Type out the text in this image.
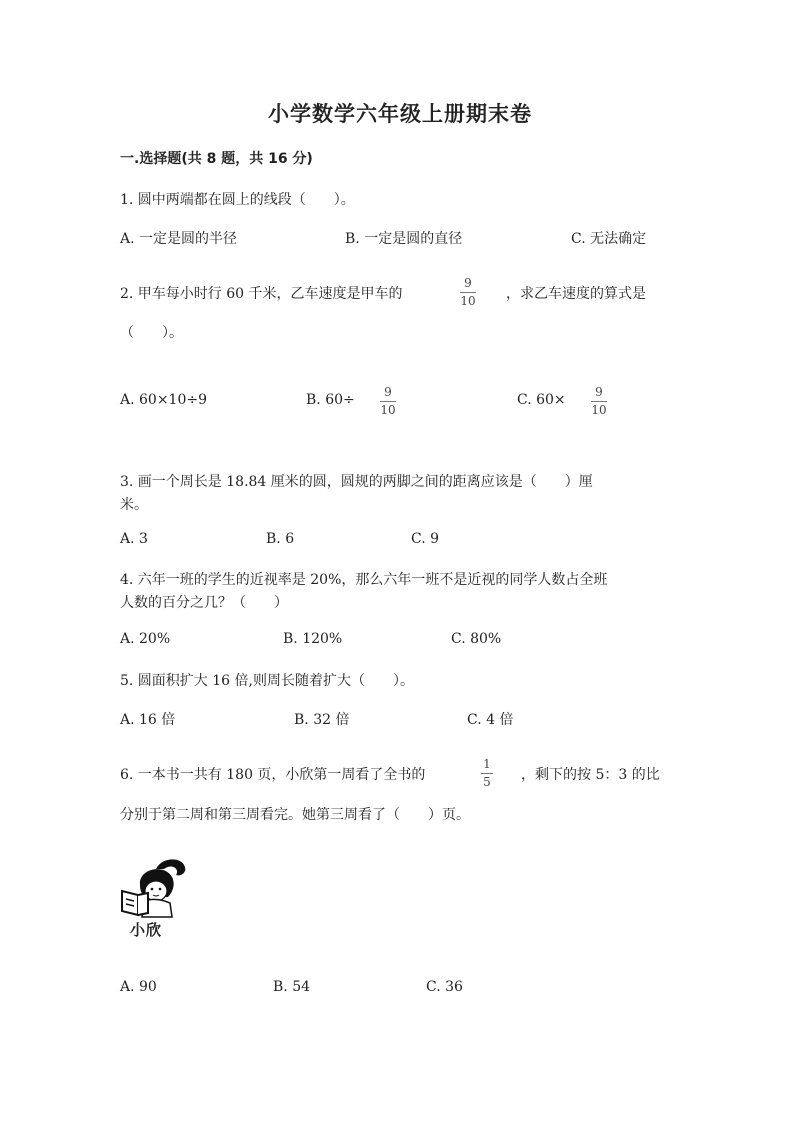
小学数学六年级上册期末卷
一.选择题(共 8 题，共 16 分)
1. 圆中两端都在圆上的线段（　　）。
A. 一定是圆的半径	B. 一定是圆的直径	C. 无法确定
2. 甲车每小时行 60 千米，乙车速度是甲车的
9
10 ，求乙车速度的算式是
（　　）。
A. 60×10÷9	B. 60÷ 9
10
C. 60× 9
10
3. 画一个周长是 18.84 厘米的圆，圆规的两脚之间的距离应该是（　　）厘
米。
A. 3	B. 6	C. 9
4. 六年一班的学生的近视率是 20%，那么六年一班不是近视的同学人数占全班
人数的百分之几？（　　）
A. 20%	B. 120%	C. 80%
5. 圆面积扩大 16 倍,则周长随着扩大（　　）。
A. 16 倍	B. 32 倍	C. 4 倍
6. 一本书一共有 180 页，小欣第一周看了全书的
1
5 ，剩下的按 5：3 的比
分别于第二周和第三周看完。她第三周看了（　　）页。
小欣
A. 90	B. 54	C. 36
